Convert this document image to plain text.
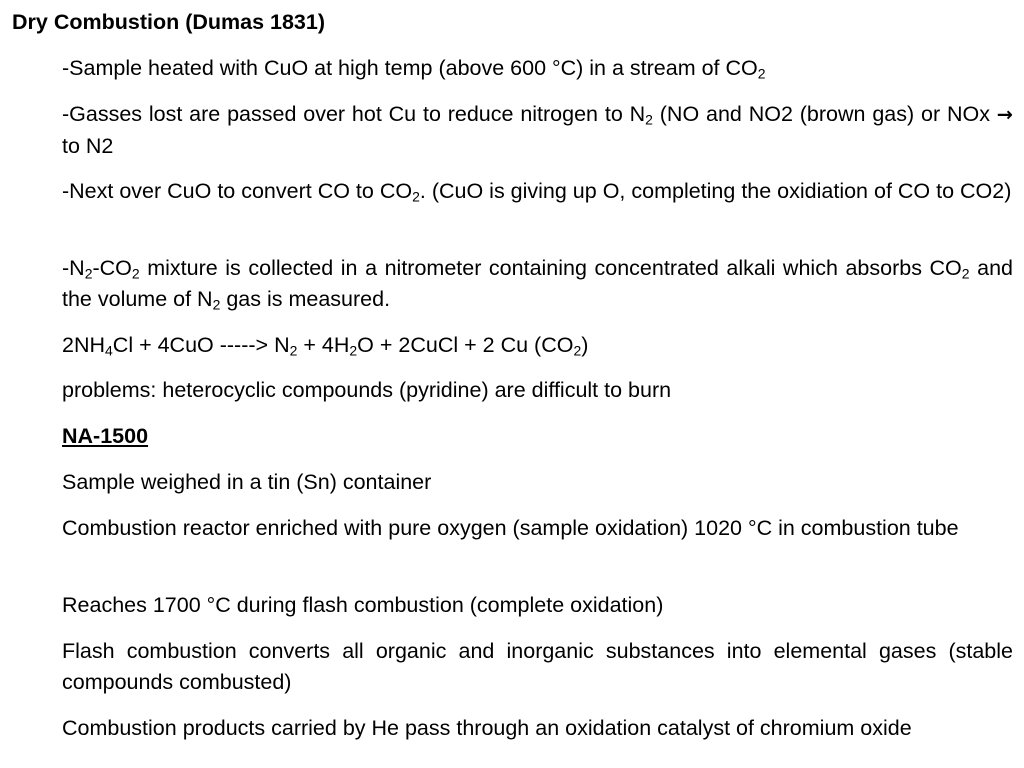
Dry Combustion (Dumas 1831)
-Sample heated with CuO at high temp (above 600 °C) in a stream of $CO_2$
-Gasses lost are passed over hot Cu to reduce nitrogen to $N_2$ (NO and NO2 (brown gas) or NOx → to N2
-Next over CuO to convert CO to $CO_2$. (CuO is giving up O, completing the oxidiation of CO to CO2)
$-N_2-CO_2$ mixture is collected in a nitrometer containing concentrated alkali which absorbs $CO_2$ and the volume of $N_2$ gas is measured.
$2NH_4Cl + 4CuO$ -----> $N_2 + 4H_2O$ + 2CuCl + 2 Cu $(CO_2)$
problems: heterocyclic compounds (pyridine) are difficult to burn
NA-1500
Sample weighed in a tin (Sn) container
Combustion reactor enriched with pure oxygen (sample oxidation) 1020 °C in combustion tube
Reaches 1700 °C during flash combustion (complete oxidation)
Flash combustion converts all organic and inorganic substances into elemental gases (stable compounds combusted)
Combustion products carried by He pass through an oxidation catalyst of chromium oxide
